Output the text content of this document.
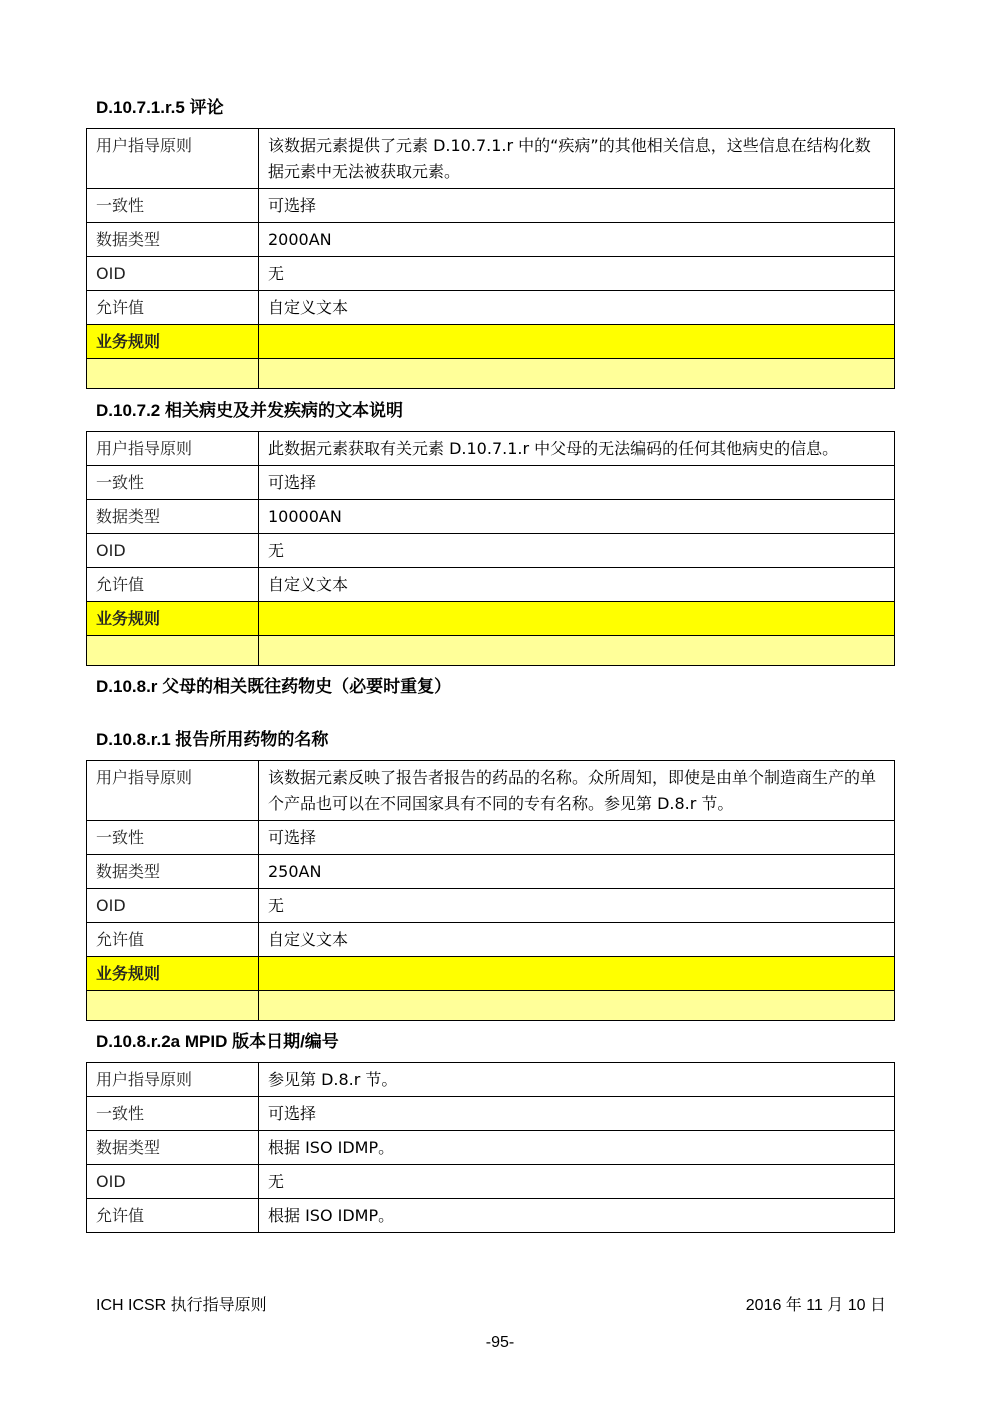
D.10.7.1.r.5 评论
用户指导原则	该数据元素提供了元素 D.10.7.1.r 中的“疾病”的其他相关信息，这些信息在结构化数据元素中无法被获取元素。
一致性	可选择
数据类型	2000AN
OID	无
允许值	自定义文本
业务规则	

D.10.7.2 相关病史及并发疾病的文本说明
用户指导原则	此数据元素获取有关元素 D.10.7.1.r 中父母的无法编码的任何其他病史的信息。
一致性	可选择
数据类型	10000AN
OID	无
允许值	自定义文本
业务规则	

D.10.8.r 父母的相关既往药物史（必要时重复）
D.10.8.r.1 报告所用药物的名称
用户指导原则	该数据元素反映了报告者报告的药品的名称。众所周知，即使是由单个制造商生产的单个产品也可以在不同国家具有不同的专有名称。参见第 D.8.r 节。
一致性	可选择
数据类型	250AN
OID	无
允许值	自定义文本
业务规则	

D.10.8.r.2a MPID 版本日期/编号
用户指导原则	参见第 D.8.r 节。
一致性	可选择
数据类型	根据 ISO IDMP。
OID	无
允许值	根据 ISO IDMP。
ICH ICSR 执行指导原则	2016 年 11 月 10 日
-95-
